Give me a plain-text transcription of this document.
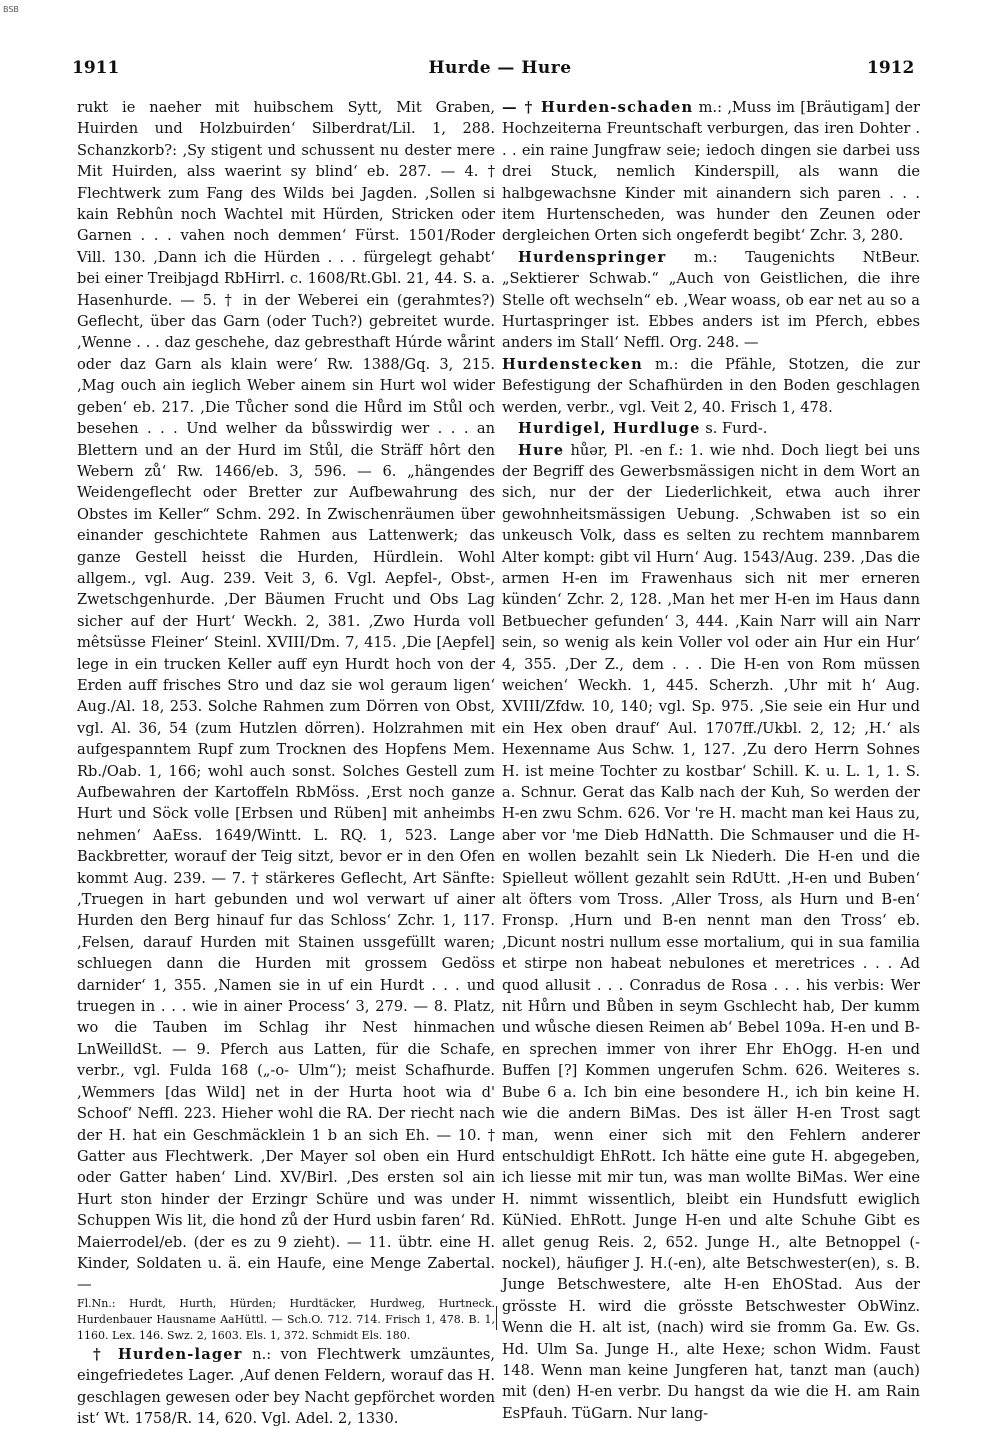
BSB
1911	Hurde — Hure	1912

rukt ie naeher mit huibschem Sytt, Mit Graben, Huirden und Holzbuirden‘ Silberdrat/Lil. 1, 288. Schanzkorb?: ‚Sy stigent und schussent nu dester mere Mit Huirden, alss waerint sy blind‘ eb. 287. — 4. † Flechtwerk zum Fang des Wilds bei Jagden. ‚Sollen si kain Rebhûn noch Wachtel mit Hürden, Stricken oder Garnen . . . vahen noch demmen‘ Fürst. 1501/Roder Vill. 130. ‚Dann ich die Hürden . . . fürgelegt gehabt‘ bei einer Treibjagd RbHirrl. c. 1608/Rt.Gbl. 21, 44. S. a. Hasenhurde. — 5. † in der Weberei ein (gerahmtes?) Geflecht, über das Garn (oder Tuch?) gebreitet wurde. ‚Wenne . . . daz geschehe, daz gebresthaft Húrde wårint oder daz Garn als klain were‘ Rw. 1388/Gq. 3, 215. ‚Mag ouch ain ieglich Weber ainem sin Hurt wol wider geben‘ eb. 217. ‚Die Tůcher sond die Hůrd im Stůl och besehen . . . Und welher da bůsswirdig wer . . . an Blettern und an der Hurd im Stůl, die Sträff hôrt den Webern zů‘ Rw. 1466/eb. 3, 596. — 6. „hängendes Weidengeflecht oder Bretter zur Aufbewahrung des Obstes im Keller“ Schm. 292. In Zwischenräumen über einander geschichtete Rahmen aus Lattenwerk; das ganze Gestell heisst die Hurden, Hürdlein. Wohl allgem., vgl. Aug. 239. Veit 3, 6. Vgl. Aepfel-, Obst-, Zwetschgenhurde. ‚Der Bäumen Frucht und Obs Lag sicher auf der Hurt‘ Weckh. 2, 381. ‚Zwo Hurda voll mêtsüsse Fleiner‘ Steinl. XVIII/Dm. 7, 415. ‚Die [Aepfel] lege in ein trucken Keller auff eyn Hurdt hoch von der Erden auff frisches Stro und daz sie wol geraum ligen‘ Aug./Al. 18, 253. Solche Rahmen zum Dörren von Obst, vgl. Al. 36, 54 (zum Hutzlen dörren). Holzrahmen mit aufgespanntem Rupf zum Trocknen des Hopfens Mem. Rb./Oab. 1, 166; wohl auch sonst. Solches Gestell zum Aufbewahren der Kartoffeln RbMöss. ‚Erst noch ganze Hurt und Söck volle [Erbsen und Rüben] mit anheimbs nehmen‘ AaEss. 1649/Wintt. L. RQ. 1, 523. Lange Backbretter, worauf der Teig sitzt, bevor er in den Ofen kommt Aug. 239. — 7. † stärkeres Geflecht, Art Sänfte: ‚Truegen in hart gebunden und wol verwart uf ainer Hurden den Berg hinauf fur das Schloss‘ Zchr. 1, 117. ‚Felsen, darauf Hurden mit Stainen ussgefüllt waren; schluegen dann die Hurden mit grossem Gedöss darnider‘ 1, 355. ‚Namen sie in uf ein Hurdt . . . und truegen in . . . wie in ainer Process‘ 3, 279. — 8. Platz, wo die Tauben im Schlag ihr Nest hinmachen LnWeilldSt. — 9. Pferch aus Latten, für die Schafe, verbr., vgl. Fulda 168 („-o- Ulm“); meist Schafhurde. ‚Wemmers [das Wild] net in der Hurta hoot wia d' Schoof‘ Neffl. 223. Hieher wohl die RA. Der riecht nach der H. hat ein Geschmäcklein 1 b an sich Eh. — 10. † Gatter aus Flechtwerk. ‚Der Mayer sol oben ein Hurd oder Gatter haben‘ Lind. XV/Birl. ‚Des ersten sol ain Hurt ston hinder der Erzingr Schüre und was under Schuppen Wis lit, die hond zů der Hurd usbin faren‘ Rd. Maierrodel/eb. (der es zu 9 zieht). — 11. übtr. eine H. Kinder, Soldaten u. ä. ein Haufe, eine Menge Zabertal. —

Fl.Nn.: Hurdt, Hurth, Hürden; Hurdtäcker, Hurdweg, Hurtneck. Hurdenbauer Hausname AaHüttl. — Sch.O. 712. 714. Frisch 1, 478. B. 1, 1160. Lex. 146. Swz. 2, 1603. Els. 1, 372. Schmidt Els. 180.

† Hurden-lager n.: von Flechtwerk umzäuntes, eingefriedetes Lager. ‚Auf denen Feldern, worauf das H. geschlagen gewesen oder bey Nacht gepförchet worden ist‘ Wt. 1758/R. 14, 620. Vgl. Adel. 2, 1330.

— † Hurden-schaden m.: ‚Muss im [Bräutigam] der Hochzeiterna Freuntschaft verburgen, das iren Dohter . . . ein raine Jungfraw seie; iedoch dingen sie darbei uss drei Stuck, nemlich Kinderspill, als wann die halbgewachsne Kinder mit ainandern sich paren . . . item Hurtenscheden, was hunder den Zeunen oder dergleichen Orten sich ongeferdt begibt‘ Zchr. 3, 280.

Hurdenspringer m.: Taugenichts NtBeur. „Sektierer Schwab.“ „Auch von Geistlichen, die ihre Stelle oft wechseln“ eb. ‚Wear woass, ob ear net au so a Hurtaspringer ist. Ebbes anders ist im Pferch, ebbes anders im Stall‘ Neffl. Org. 248. —

Hurdenstecken m.: die Pfähle, Stotzen, die zur Befestigung der Schafhürden in den Boden geschlagen werden, verbr., vgl. Veit 2, 40. Frisch 1, 478.

Hurdigel, Hurdluge s. Furd-.

Hure hůər, Pl. -en f.: 1. wie nhd. Doch liegt bei uns der Begriff des Gewerbsmässigen nicht in dem Wort an sich, nur der der Liederlichkeit, etwa auch ihrer gewohnheitsmässigen Uebung. ‚Schwaben ist so ein unkeusch Volk, dass es selten zu rechtem mannbarem Alter kompt: gibt vil Hurn‘ Aug. 1543/Aug. 239. ‚Das die armen H-en im Frawenhaus sich nit mer erneren künden‘ Zchr. 2, 128. ‚Man het mer H-en im Haus dann Betbuecher gefunden‘ 3, 444. ‚Kain Narr will ain Narr sein, so wenig als kein Voller vol oder ain Hur ein Hur‘ 4, 355. ‚Der Z., dem . . . Die H-en von Rom müssen weichen‘ Weckh. 1, 445. Scherzh. ‚Uhr mit h‘ Aug. XVIII/Zfdw. 10, 140; vgl. Sp. 975. ‚Sie seie ein Hur und ein Hex oben drauf‘ Aul. 1707ff./Ukbl. 2, 12; ‚H.‘ als Hexenname Aus Schw. 1, 127. ‚Zu dero Herrn Sohnes H. ist meine Tochter zu kostbar‘ Schill. K. u. L. 1, 1. S. a. Schnur. Gerat das Kalb nach der Kuh, So werden der H-en zwu Schm. 626. Vor 're H. macht man kei Haus zu, aber vor 'me Dieb HdNatth. Die Schmauser und die H-en wollen bezahlt sein Lk Niederh. Die H-en und die Spielleut wöllent gezahlt sein RdUtt. ‚H-en und Buben‘ alt öfters vom Tross. ‚Aller Tross, als Hurn und B-en‘ Fronsp. ‚Hurn und B-en nennt man den Tross‘ eb. ‚Dicunt nostri nullum esse mortalium, qui in sua familia et stirpe non habeat nebulones et meretrices . . . Ad quod allusit . . . Conradus de Rosa . . . his verbis: Wer nit Hůrn und Bůben in seym Gschlecht hab, Der kumm und wůsche diesen Reimen ab‘ Bebel 109a. H-en und B-en sprechen immer von ihrer Ehr EhOgg. H-en und Buffen [?] Kommen ungerufen Schm. 626. Weiteres s. Bube 6 a. Ich bin eine besondere H., ich bin keine H. wie die andern BiMas. Des ist äller H-en Trost sagt man, wenn einer sich mit den Fehlern anderer entschuldigt EhRott. Ich hätte eine gute H. abgegeben, ich liesse mit mir tun, was man wollte BiMas. Wer eine H. nimmt wissentlich, bleibt ein Hundsfutt ewiglich KüNied. EhRott. Junge H-en und alte Schuhe Gibt es allet genug Reis. 2, 652. Junge H., alte Betnoppel (-nockel), häufiger J. H.(-en), alte Betschwester(en), s. B. Junge Betschwestere, alte H-en EhOStad. Aus der grösste H. wird die grösste Betschwester ObWinz. Wenn die H. alt ist, (nach) wird sie fromm Ga. Ew. Gs. Hd. Ulm Sa. Junge H., alte Hexe; schon Widm. Faust 148. Wenn man keine Jungferen hat, tanzt man (auch) mit (den) H-en verbr. Du hangst da wie die H. am Rain EsPfauh. TüGarn. Nur lang-
